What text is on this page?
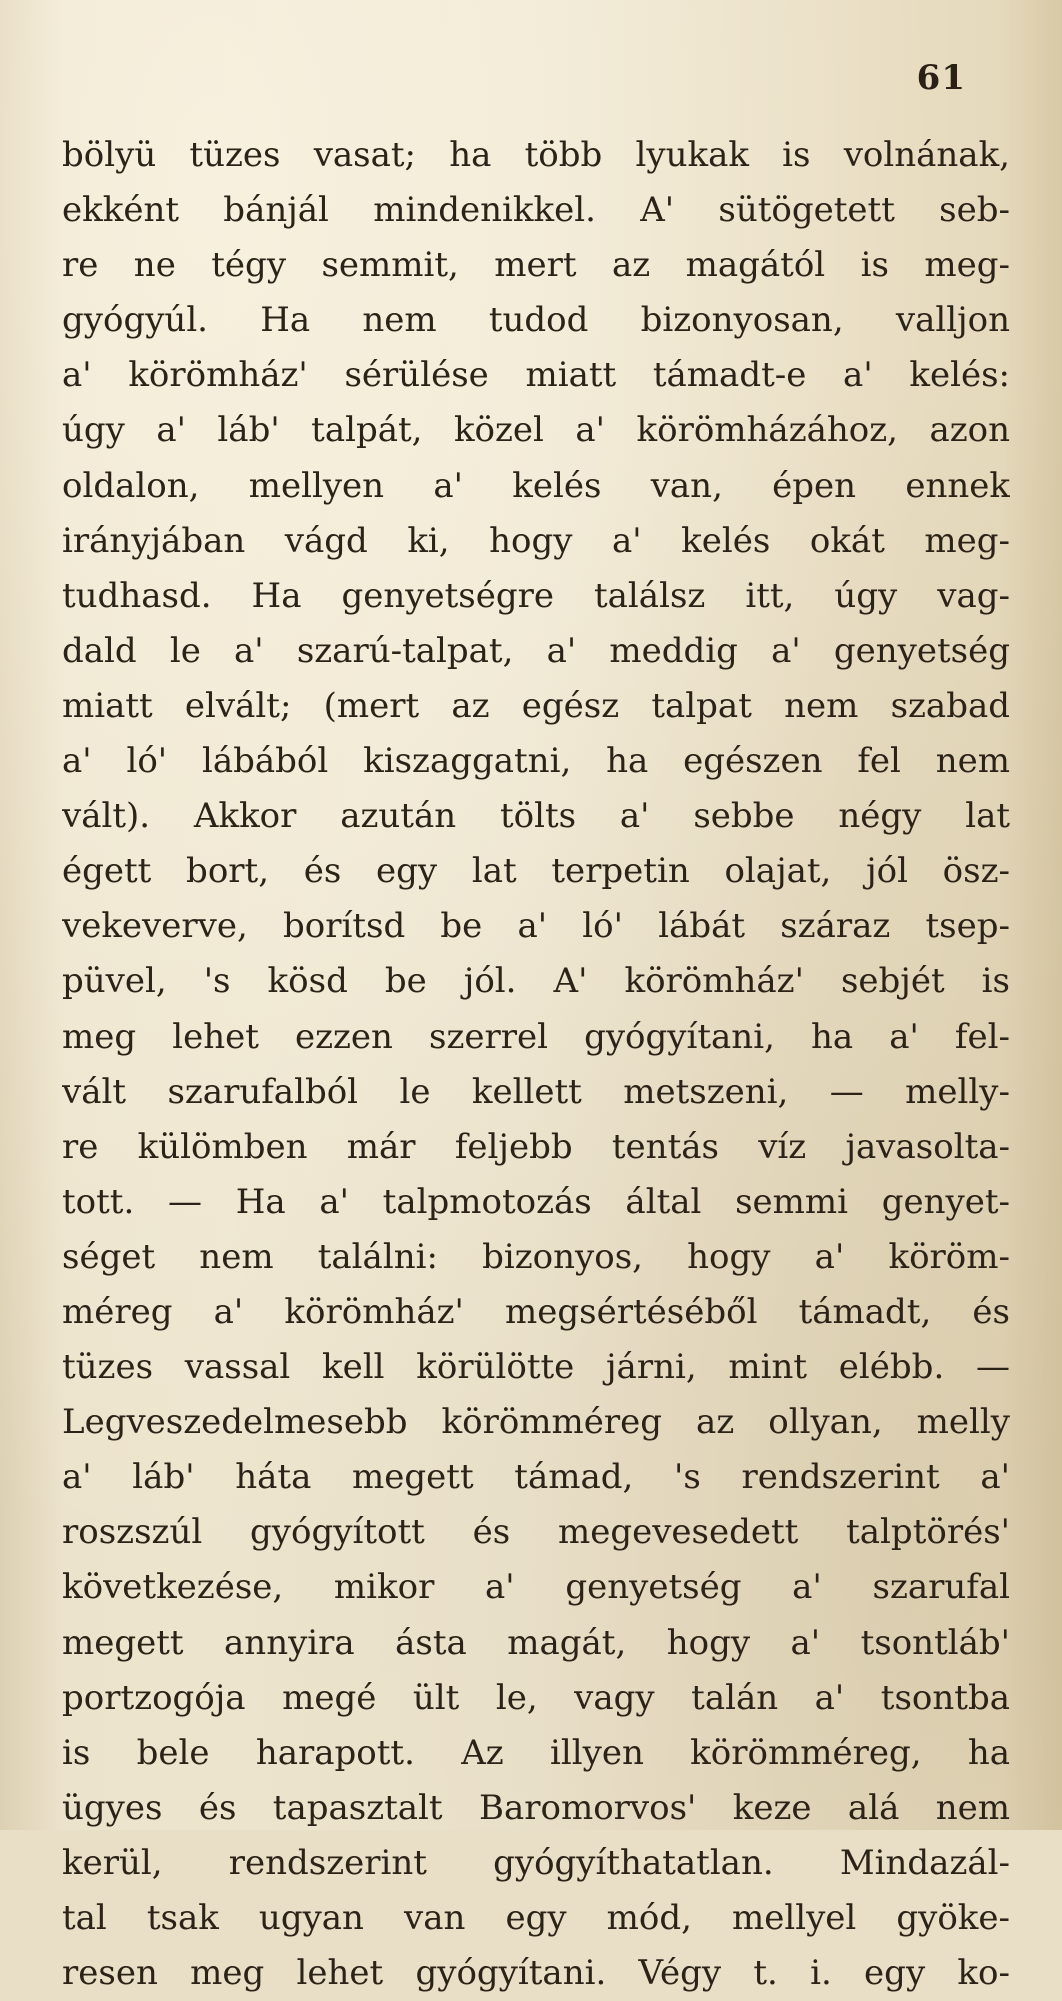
61
bölyü tüzes vasat; ha több lyukak is volnának,
ekként bánjál mindenikkel. A' sütögetett seb-
re ne tégy semmit, mert az magától is meg-
gyógyúl. Ha nem tudod bizonyosan, valljon
a' körömház' sérülése miatt támadt-e a' kelés:
úgy a' láb' talpát, közel a' körömházához, azon
oldalon, mellyen a' kelés van, épen ennek
irányjában vágd ki, hogy a' kelés okát meg-
tudhasd. Ha genyetségre találsz itt, úgy vag-
dald le a' szarú-talpat, a' meddig a' genyetség
miatt elvált; (mert az egész talpat nem szabad
a' ló' lábából kiszaggatni, ha egészen fel nem
vált). Akkor azután tölts a' sebbe négy lat
égett bort, és egy lat terpetin olajat, jól ösz-
vekeverve, borítsd be a' ló' lábát száraz tsep-
püvel, 's kösd be jól. A' körömház' sebjét is
meg lehet ezzen szerrel gyógyítani, ha a' fel-
vált szarufalból le kellett metszeni, — melly-
re külömben már feljebb tentás víz javasolta-
tott. — Ha a' talpmotozás által semmi genyet-
séget nem találni: bizonyos, hogy a' köröm-
méreg a' körömház' megsértéséből támadt, és
tüzes vassal kell körülötte járni, mint elébb. —
Legveszedelmesebb körömméreg az ollyan, melly
a' láb' háta megett támad, 's rendszerint a'
roszszúl gyógyított és megevesedett talptörés'
következése, mikor a' genyetség a' szarufal
megett annyira ásta magát, hogy a' tsontláb'
portzogója megé ült le, vagy talán a' tsontba
is bele harapott. Az illyen körömméreg, ha
ügyes és tapasztalt Baromorvos' keze alá nem
kerül, rendszerint gyógyíthatatlan. Mindazál-
tal tsak ugyan van egy mód, mellyel gyöke-
resen meg lehet gyógyítani. Végy t. i. egy ko-
